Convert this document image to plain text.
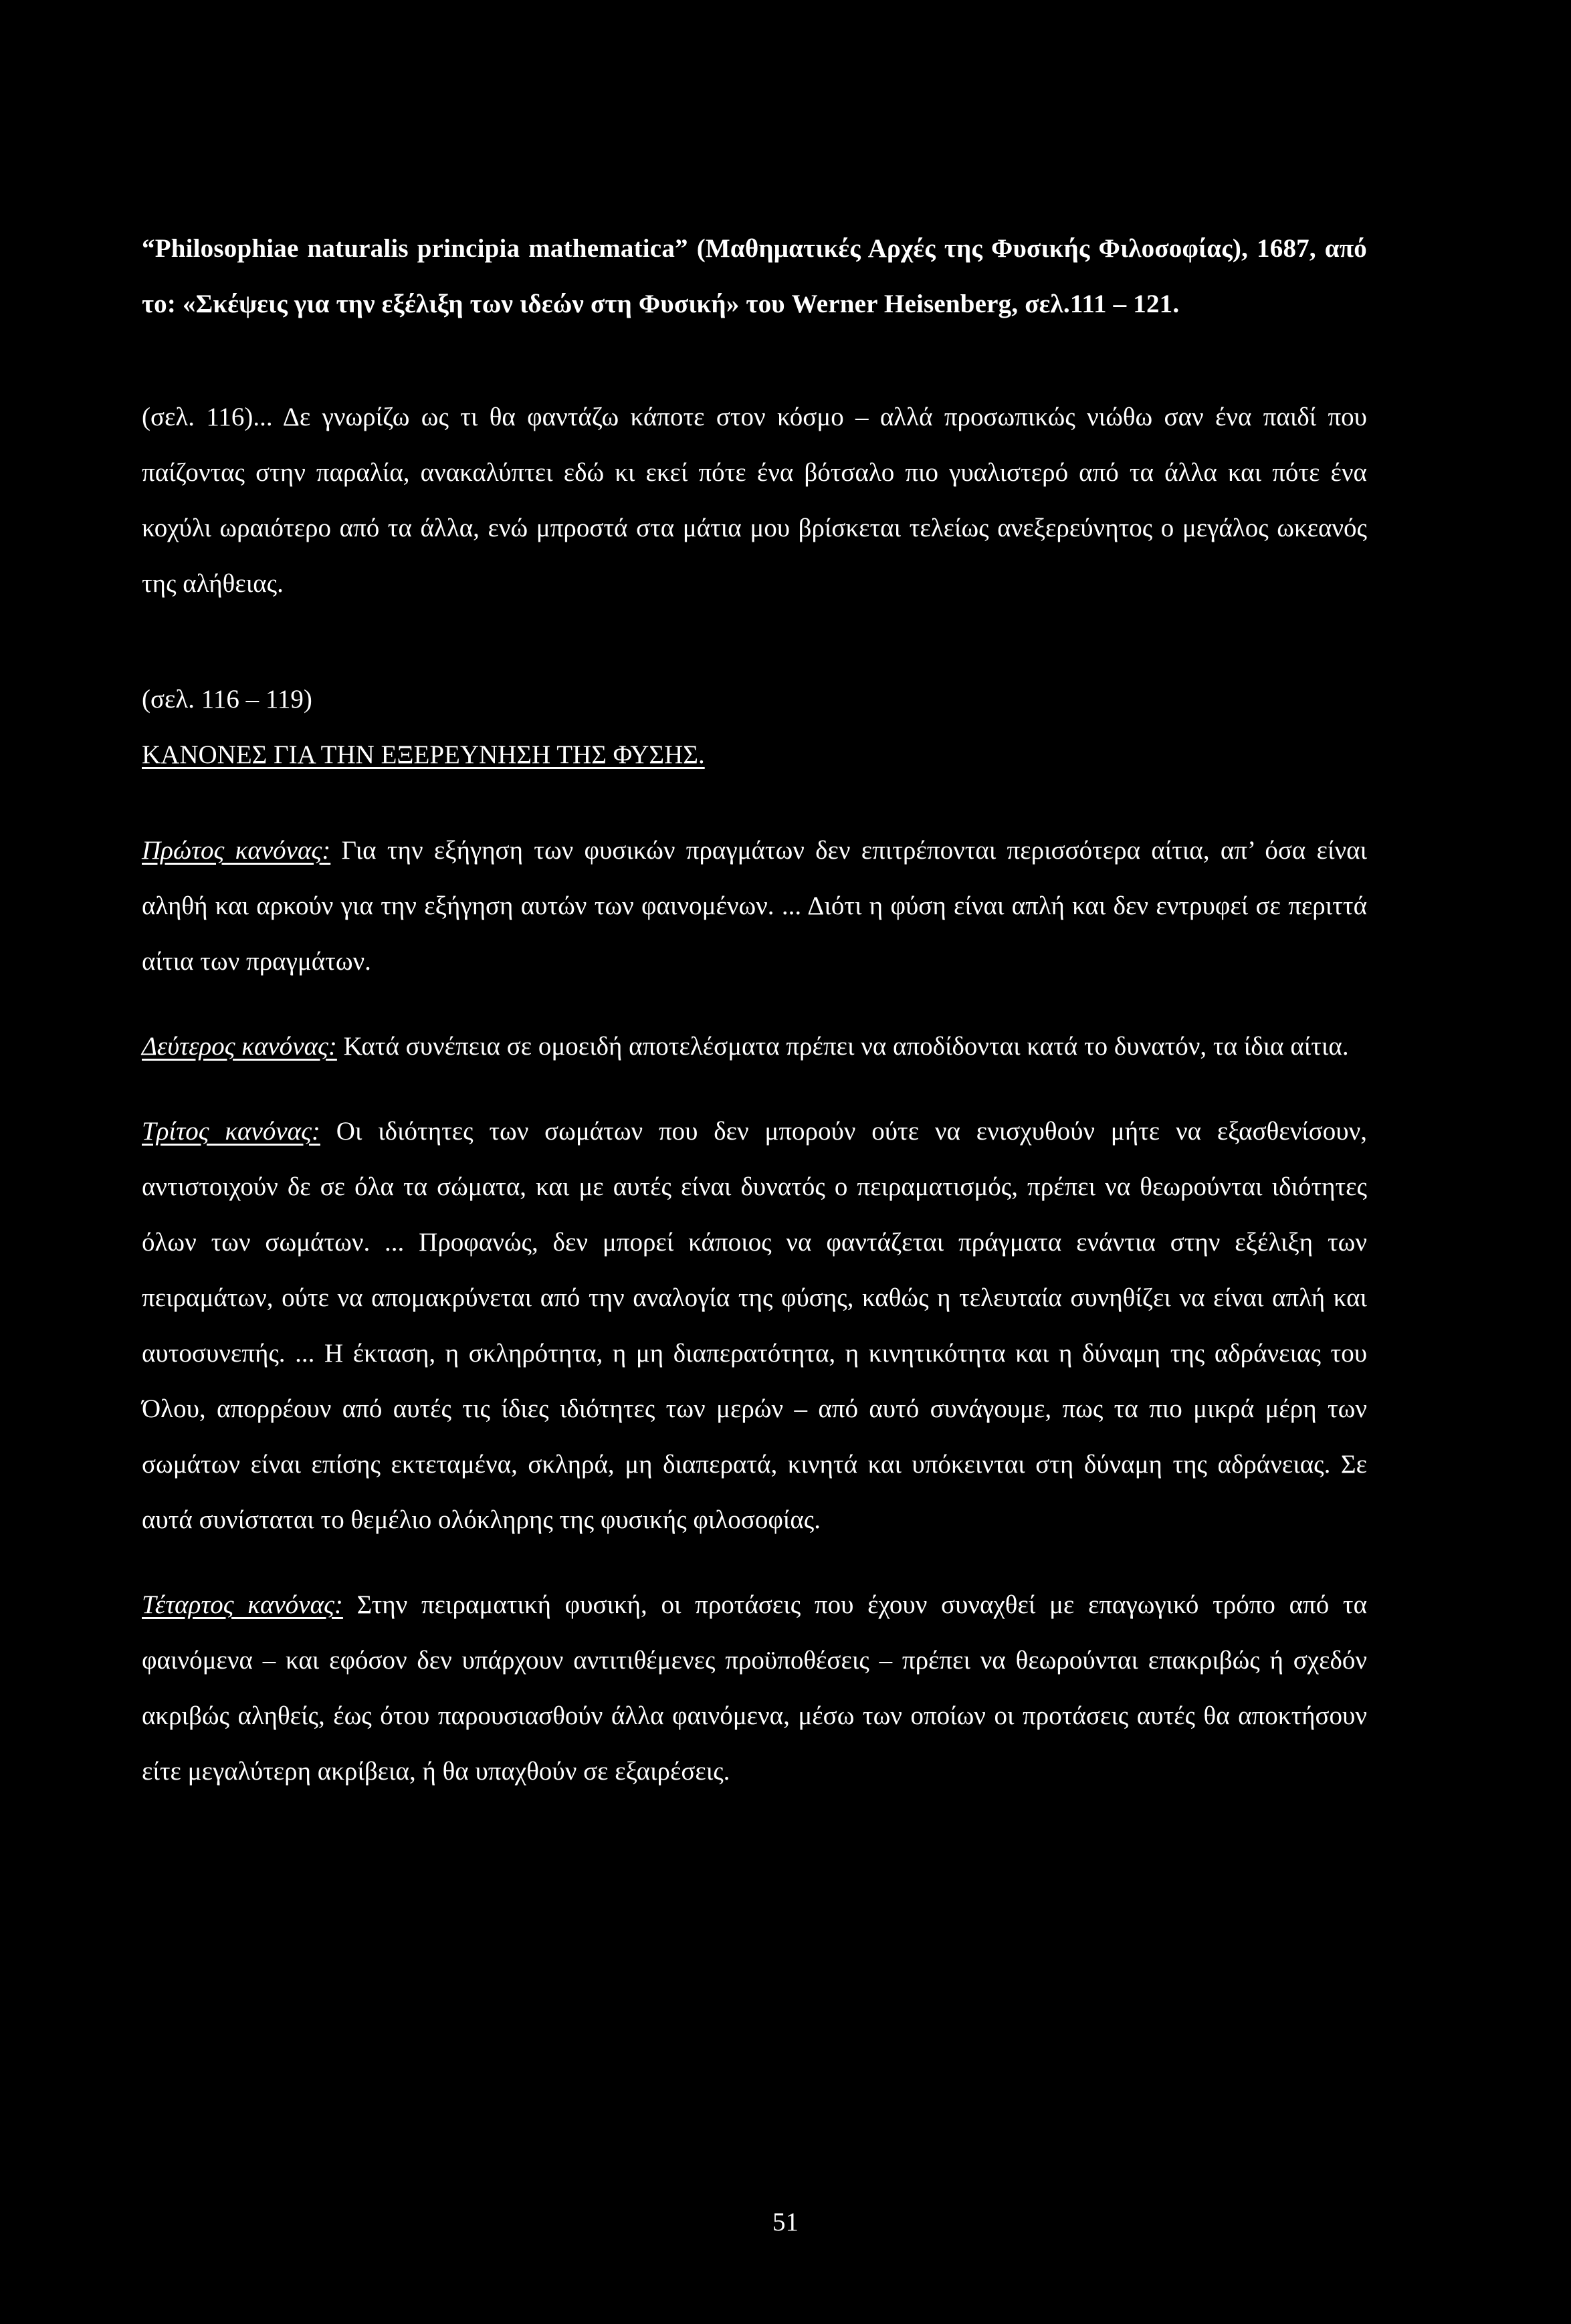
“Philosophiae naturalis principia mathematica” (Μαθηματικές Αρχές της Φυσικής Φιλοσοφίας), 1687, από το: «Σκέψεις για την εξέλιξη των ιδεών στη Φυσική» του Werner Heisenberg, σελ.111 – 121.

(σελ. 116)... Δε γνωρίζω ως τι θα φαντάζω κάποτε στον κόσμο – αλλά προσωπικώς νιώθω σαν ένα παιδί που παίζοντας στην παραλία, ανακαλύπτει εδώ κι εκεί πότε ένα βότσαλο πιο γυαλιστερό από τα άλλα και πότε ένα κοχύλι ωραιότερο από τα άλλα, ενώ μπροστά στα μάτια μου βρίσκεται τελείως ανεξερεύνητος ο μεγάλος ωκεανός της αλήθειας.

(σελ. 116 – 119)

ΚΑΝΟΝΕΣ ΓΙΑ ΤΗΝ ΕΞΕΡΕΥΝΗΣΗ ΤΗΣ ΦΥΣΗΣ.

Πρώτος κανόνας: Για την εξήγηση των φυσικών πραγμάτων δεν επιτρέπονται περισσότερα αίτια, απ’ όσα είναι αληθή και αρκούν για την εξήγηση αυτών των φαινομένων. ... Διότι η φύση είναι απλή και δεν εντρυφεί σε περιττά αίτια των πραγμάτων.

Δεύτερος κανόνας: Κατά συνέπεια σε ομοειδή αποτελέσματα πρέπει να αποδίδονται κατά το δυνατόν, τα ίδια αίτια.

Τρίτος κανόνας: Οι ιδιότητες των σωμάτων που δεν μπορούν ούτε να ενισχυθούν μήτε να εξασθενίσουν, αντιστοιχούν δε σε όλα τα σώματα, και με αυτές είναι δυνατός ο πειραματισμός, πρέπει να θεωρούνται ιδιότητες όλων των σωμάτων. ... Προφανώς, δεν μπορεί κάποιος να φαντάζεται πράγματα ενάντια στην εξέλιξη των πειραμάτων, ούτε να απομακρύνεται από την αναλογία της φύσης, καθώς η τελευταία συνηθίζει να είναι απλή και αυτοσυνεπής. ... Η έκταση, η σκληρότητα, η μη διαπερατότητα, η κινητικότητα και η δύναμη της αδράνειας του Όλου, απορρέουν από αυτές τις ίδιες ιδιότητες των μερών – από αυτό συνάγουμε, πως τα πιο μικρά μέρη των σωμάτων είναι επίσης εκτεταμένα, σκληρά, μη διαπερατά, κινητά και υπόκεινται στη δύναμη της αδράνειας. Σε αυτά συνίσταται το θεμέλιο ολόκληρης της φυσικής φιλοσοφίας.

Τέταρτος κανόνας: Στην πειραματική φυσική, οι προτάσεις που έχουν συναχθεί με επαγωγικό τρόπο από τα φαινόμενα – και εφόσον δεν υπάρχουν αντιτιθέμενες προϋποθέσεις – πρέπει να θεωρούνται επακριβώς ή σχεδόν ακριβώς αληθείς, έως ότου παρουσιασθούν άλλα φαινόμενα, μέσω των οποίων οι προτάσεις αυτές θα αποκτήσουν είτε μεγαλύτερη ακρίβεια, ή θα υπαχθούν σε εξαιρέσεις.

51
